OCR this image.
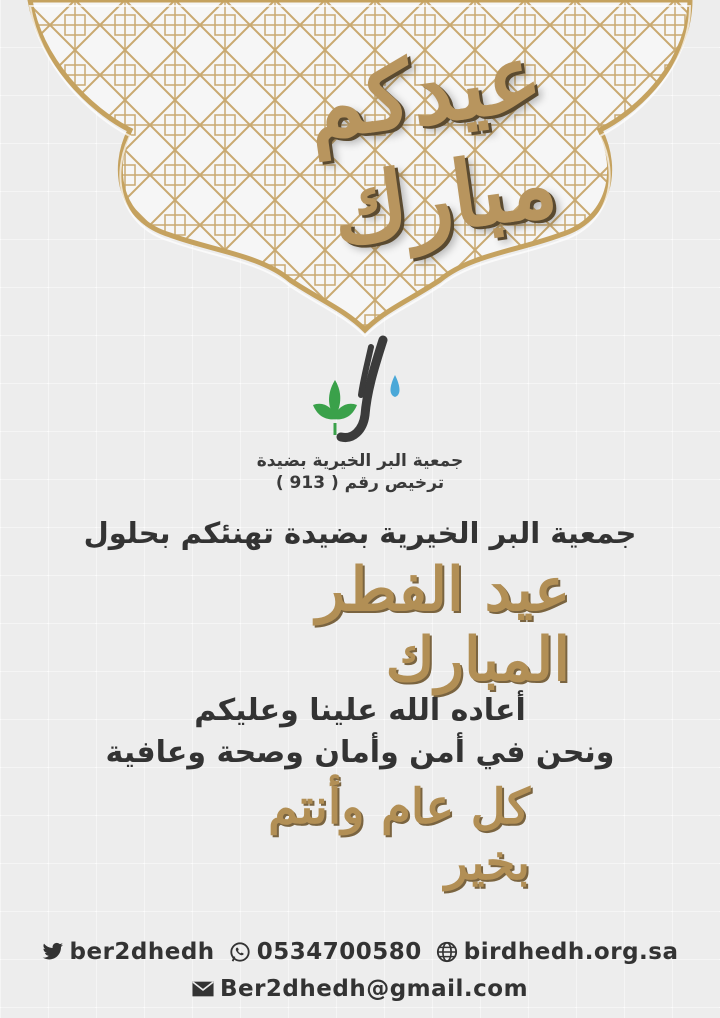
عيدكم مبارك
جمعية البر الخيرية بضيدة
ترخيص رقم ( 913 )
جمعية البر الخيرية بضيدة تهنئكم بحلول
عيد الفطر المبارك
أعاده الله علينا وعليكم
ونحن في أمن وأمان وصحة وعافية
كل عام وأنتم بخير
ber2dhedh 0534700580 birdhedh.org.sa
Ber2dhedh@gmail.com
